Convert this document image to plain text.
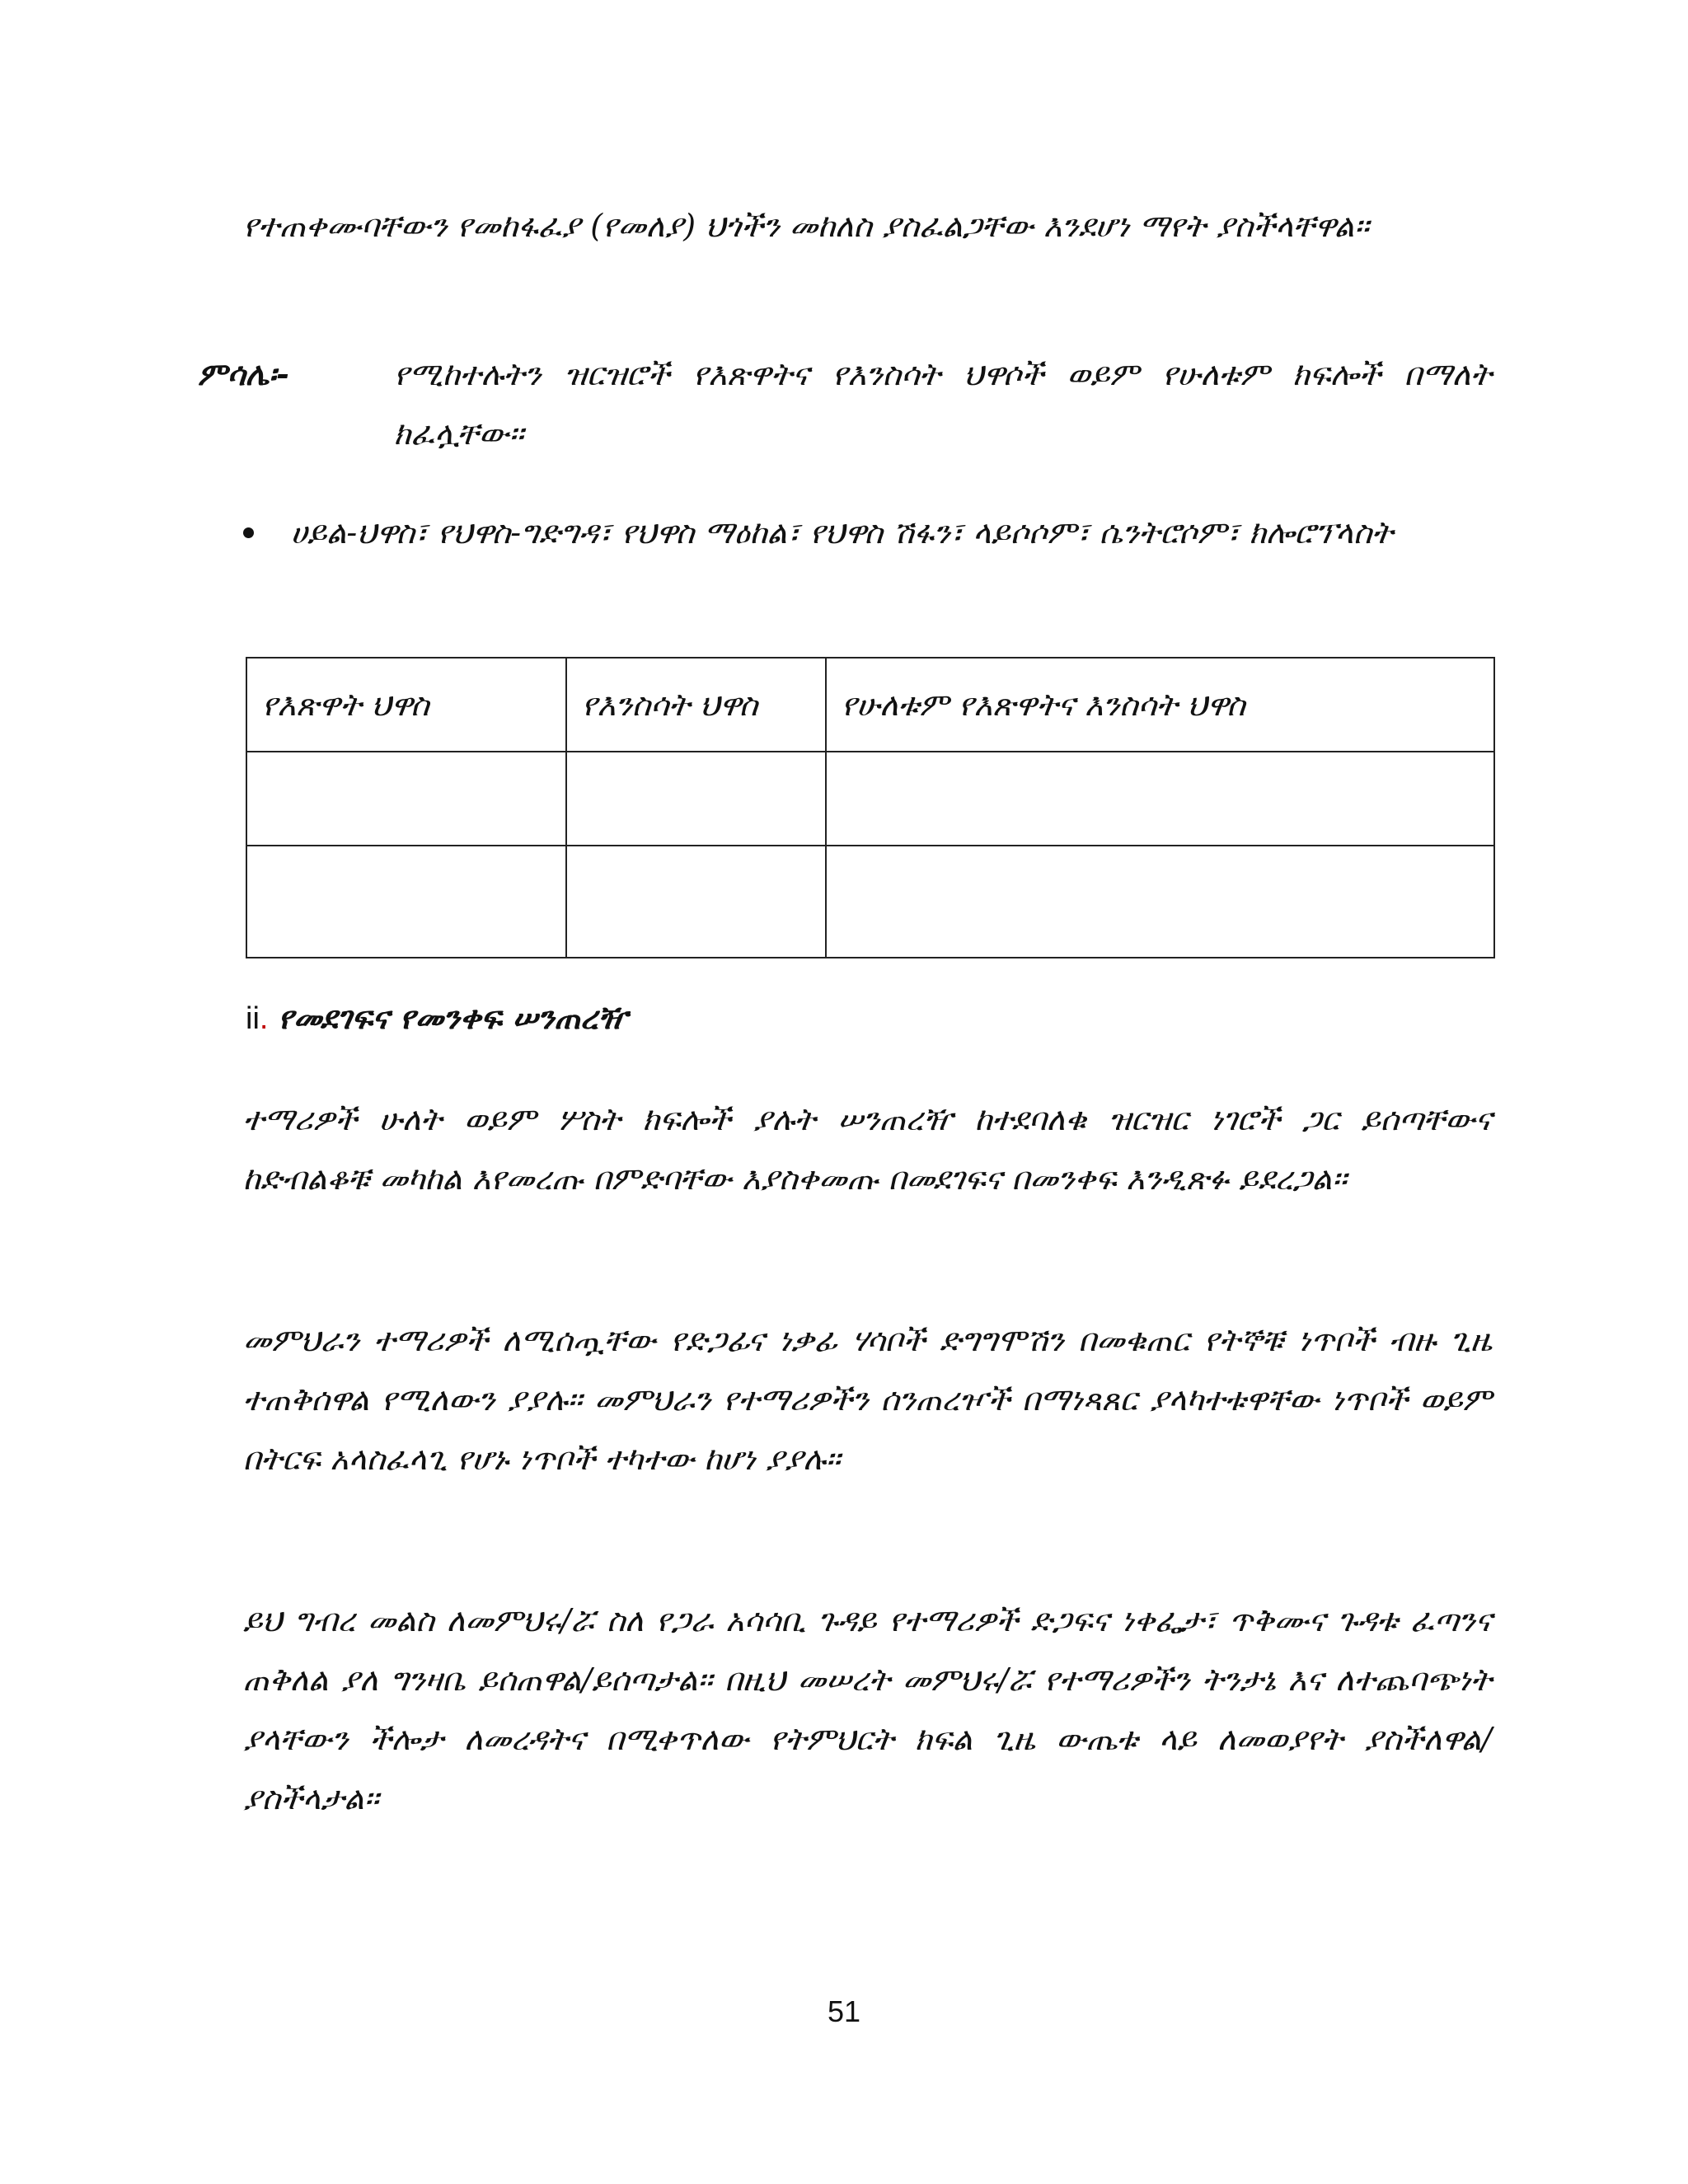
የተጠቀሙባቸውን የመከፋፈያ (የመለያ) ህጎችን መከለስ ያስፈልጋቸው እንደሆነ ማየት ያስችላቸዋል፡፡

ምሳሌ፡-	የሚከተሉትን ዝርዝሮች የእጽዋትና የእንስሳት ህዋሶች ወይም የሁለቱም ክፍሎች በማለት ክፈሏቸው፡፡

ሀይል-ህዋስ፣ የህዋስ-ግድግዳ፣ የህዋስ ማዕከል፣ የህዋስ ሽፋን፣ ላይሶሶም፣ ሴንትሮሶም፣ ክሎሮፕላስት

የእጽዋት ህዋስ	የእንስሳት ህዋስ	የሁለቱም የእጽዋትና እንስሳት ህዋስ

ii. የመደገፍና የመንቀፍ ሠንጠረዥ

ተማሪዎች ሁለት ወይም ሦስት ክፍሎች ያሉት ሠንጠረዥ ከተደባለቁ ዝርዝር ነገሮች ጋር ይሰጣቸውና ከድብልቆቹ መካከል እየመረጡ በምድባቸው እያስቀመጡ በመደገፍና በመንቀፍ እንዲጽፉ ይደረጋል፡፡

መምህራን ተማሪዎች ለሚሰጧቸው የድጋፊና ነቃፊ ሃሳቦች ድግግሞሽን በመቁጠር የትኞቹ ነጥቦች ብዙ ጊዜ ተጠቅሰዋል የሚለውን ያያሉ፡፡ መምህራን የተማሪዎችን ሰንጠረዦች በማነጻጸር ያላካተቱዋቸው ነጥቦች ወይም በትርፍ አላስፈላጊ የሆኑ ነጥቦች ተካተው ከሆነ ያያሉ፡፡

ይህ ግብረ መልስ ለመምህሩ/ሯ ስለ የጋራ አሳሳቢ ጉዳይ የተማሪዎች ድጋፍና ነቀፌታ፣ ጥቅሙና ጉዳቱ ፈጣንና ጠቅለል ያለ ግንዛቤ ይሰጠዋል/ይሰጣታል፡፡ በዚህ መሠረት መምህሩ/ሯ የተማሪዎችን ትንታኔ እና ለተጨባጭነት ያላቸውን ችሎታ ለመረዳትና በሚቀጥለው የትምህርት ክፍል ጊዜ ውጤቱ ላይ ለመወያየት ያስችለዋል/ያስችላታል፡፡

51
